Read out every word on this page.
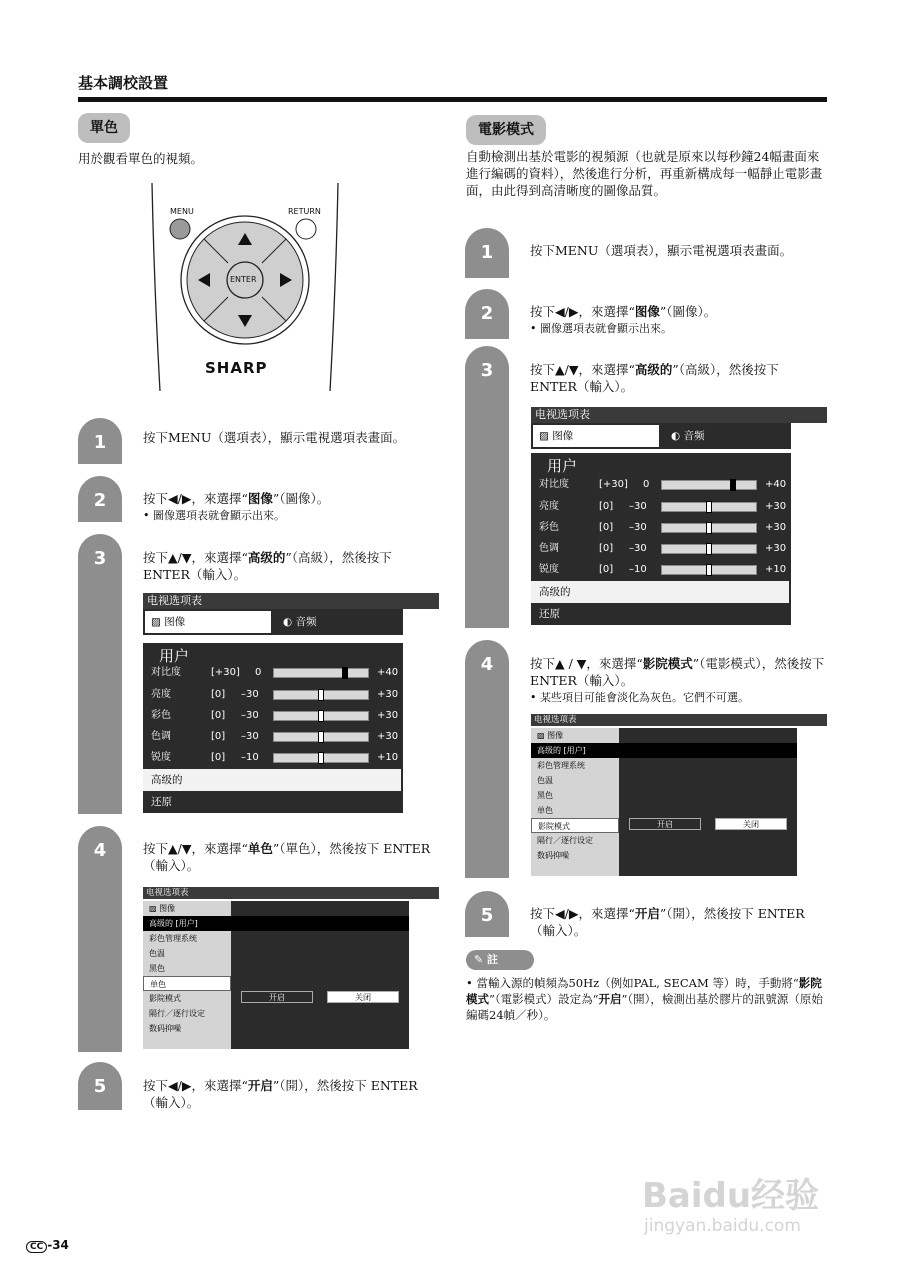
基本調校設置
單色
用於觀看單色的視頻。
MENU	RETURN
ENTER
SHARP
1	按下MENU（選項表），顯示電視選項表畫面。
2	按下◀/▶，來選擇“图像”（圖像）。
• 圖像選項表就會顯示出來。
3	按下▲/▼，來選擇“高级的”（高級），然後按下 ENTER（輸入）。
电视选项表
▨ 图像	◐ 音频
用户
对比度	[+30] 0	+40
亮度	[0] –30	+30
彩色	[0] –30	+30
色调	[0] –30	+30
锐度	[0] –10	+10
高级的
还原
4	按下▲/▼，來選擇“单色”（單色），然後按下 ENTER（輸入）。
电视选项表
▨ 图像
高级的 [用户]
彩色管理系统
色温
黑色
单色
影院模式
隔行／逐行设定
数码抑噪
开启	关闭
5	按下◀/▶，來選擇“开启”（開），然後按下 ENTER（輸入）。
電影模式
自動檢測出基於電影的視頻源（也就是原來以每秒鐘24幅畫面來進行編碼的資料），然後進行分析，再重新構成每一幅靜止電影畫面，由此得到高清晰度的圖像品質。
1	按下MENU（選項表），顯示電視選項表畫面。
2	按下◀/▶，來選擇“图像”（圖像）。
• 圖像選項表就會顯示出來。
3	按下▲/▼，來選擇“高级的”（高級），然後按下 ENTER（輸入）。
电视选项表
▨ 图像	◐ 音频
用户
对比度	[+30] 0	+40
亮度	[0] –30	+30
彩色	[0] –30	+30
色调	[0] –30	+30
锐度	[0] –10	+10
高级的
还原
4	按下▲ / ▼，來選擇“影院模式”（電影模式），然後按下 ENTER（輸入）。
• 某些項目可能會淡化為灰色。它們不可選。
电视选项表
▨ 图像
高级的 [用户]
彩色管理系统
色温
黑色
单色
影院模式
隔行／逐行设定
数码抑噪
开启	关闭
5	按下◀/▶，來選擇“开启”（開），然後按下 ENTER（輸入）。
✎ 註
• 當輸入源的幀頻為50Hz（例如PAL, SECAM 等）時，手動將“影院模式”（電影模式）設定為“开启”（開），檢測出基於膠片的訊號源（原始編碼24幀／秒）。
CC -34
Baidu经验
jingyan.baidu.com
